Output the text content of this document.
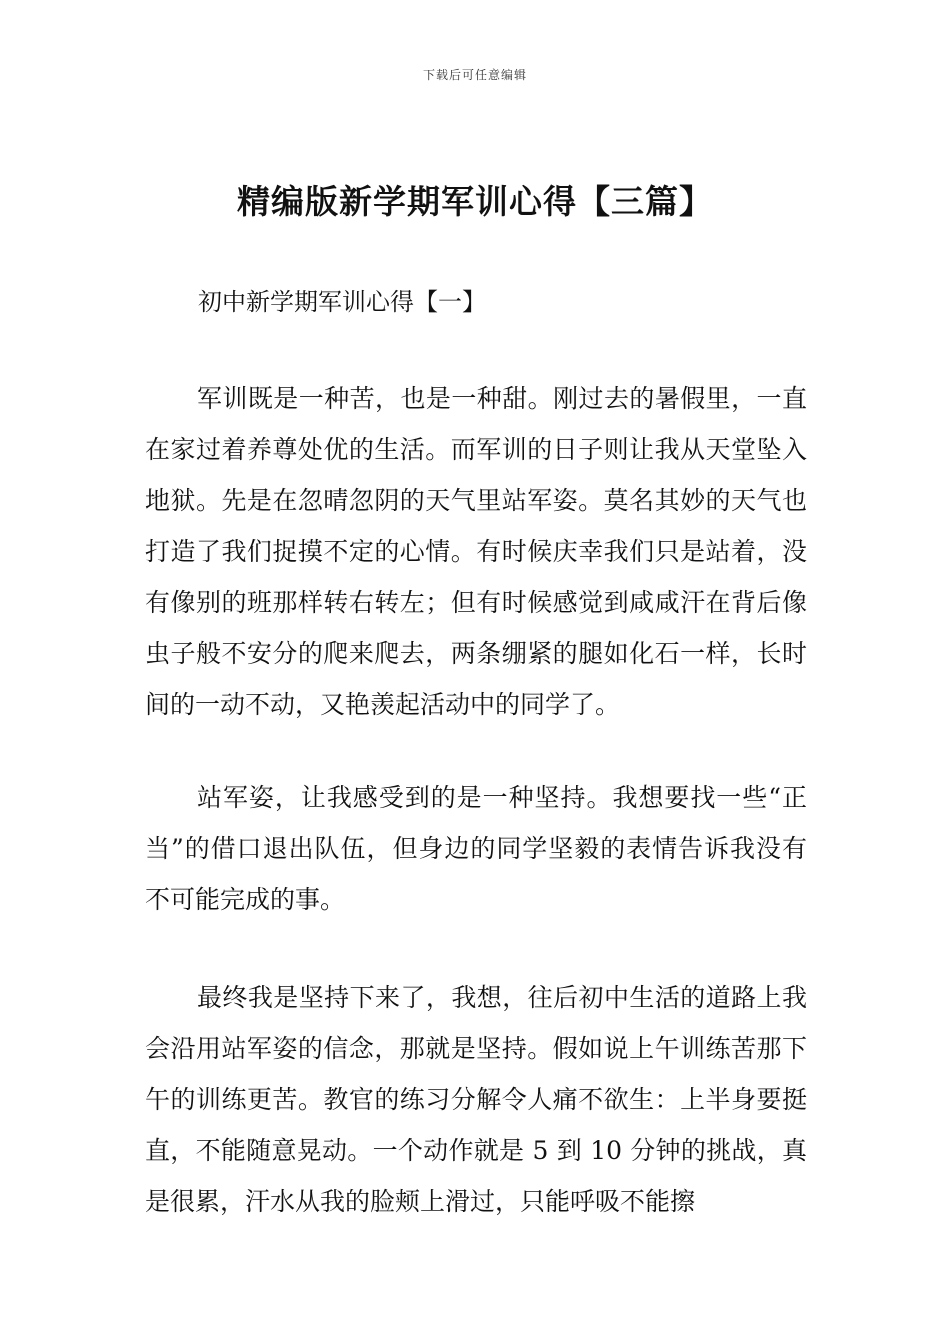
下载后可任意编辑
精编版新学期军训心得【三篇】
初中新学期军训心得【一】

军训既是一种苦，也是一种甜。刚过去的暑假里，一直在家过着养尊处优的生活。而军训的日子则让我从天堂坠入地狱。先是在忽晴忽阴的天气里站军姿。莫名其妙的天气也打造了我们捉摸不定的心情。有时候庆幸我们只是站着，没有像别的班那样转右转左；但有时候感觉到咸咸汗在背后像虫子般不安分的爬来爬去，两条绷紧的腿如化石一样，长时间的一动不动，又艳羡起活动中的同学了。

站军姿，让我感受到的是一种坚持。我想要找一些“正当”的借口退出队伍，但身边的同学坚毅的表情告诉我没有不可能完成的事。

最终我是坚持下来了，我想，往后初中生活的道路上我会沿用站军姿的信念，那就是坚持。假如说上午训练苦那下午的训练更苦。教官的练习分解令人痛不欲生：上半身要挺直，不能随意晃动。一个动作就是 5 到 10 分钟的挑战，真是很累，汗水从我的脸颊上滑过，只能呼吸不能擦
